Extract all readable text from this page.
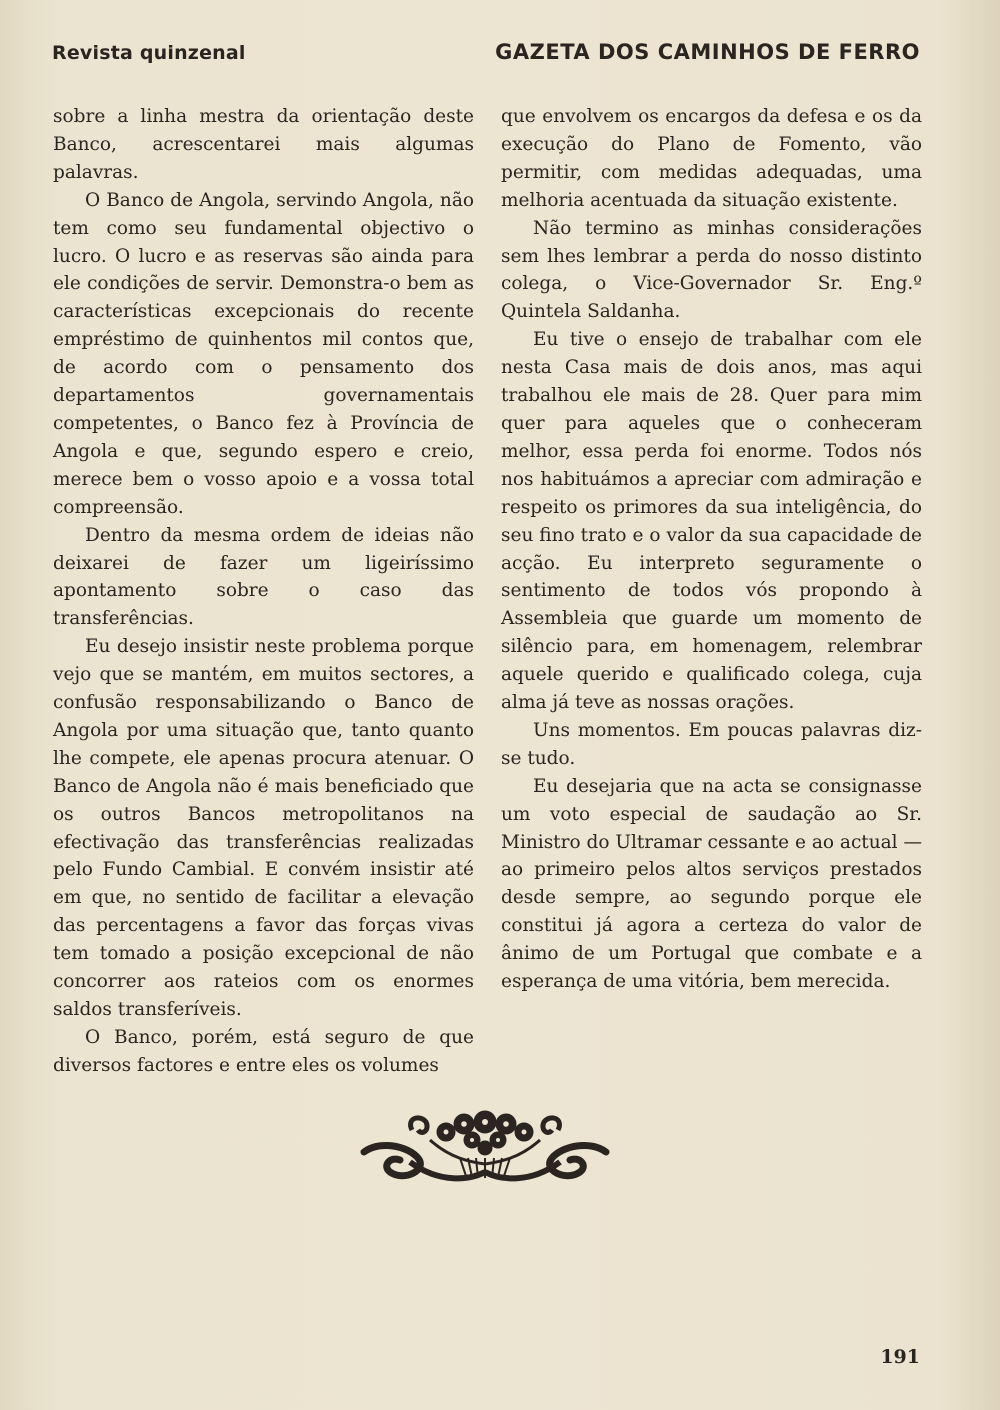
Revista quinzenal	GAZETA DOS CAMINHOS DE FERRO

sobre a linha mestra da orientação deste Banco, acrescentarei mais algumas palavras.

O Banco de Angola, servindo Angola, não tem como seu fundamental objectivo o lucro. O lucro e as reservas são ainda para ele condições de servir. Demonstra-o bem as características excepcionais do recente empréstimo de quinhentos mil contos que, de acordo com o pensamento dos departamentos governamentais competentes, o Banco fez à Província de Angola e que, segundo espero e creio, merece bem o vosso apoio e a vossa total compreensão.

Dentro da mesma ordem de ideias não deixarei de fazer um ligeiríssimo apontamento sobre o caso das transferências.

Eu desejo insistir neste problema porque vejo que se mantém, em muitos sectores, a confusão responsabilizando o Banco de Angola por uma situação que, tanto quanto lhe compete, ele apenas procura atenuar. O Banco de Angola não é mais beneficiado que os outros Bancos metropolitanos na efectivação das transferências realizadas pelo Fundo Cambial. E convém insistir até em que, no sentido de facilitar a elevação das percentagens a favor das forças vivas tem tomado a posição excepcional de não concorrer aos rateios com os enormes saldos transferíveis.

O Banco, porém, está seguro de que diversos factores e entre eles os volumes

que envolvem os encargos da defesa e os da execução do Plano de Fomento, vão permitir, com medidas adequadas, uma melhoria acentuada da situação existente.

Não termino as minhas considerações sem lhes lembrar a perda do nosso distinto colega, o Vice-Governador Sr. Eng.º Quintela Saldanha.

Eu tive o ensejo de trabalhar com ele nesta Casa mais de dois anos, mas aqui trabalhou ele mais de 28. Quer para mim quer para aqueles que o conheceram melhor, essa perda foi enorme. Todos nós nos habituámos a apreciar com admiração e respeito os primores da sua inteligência, do seu fino trato e o valor da sua capacidade de acção. Eu interpreto seguramente o sentimento de todos vós propondo à Assembleia que guarde um momento de silêncio para, em homenagem, relembrar aquele querido e qualificado colega, cuja alma já teve as nossas orações.

Uns momentos. Em poucas palavras diz-se tudo.

Eu desejaria que na acta se consignasse um voto especial de saudação ao Sr. Ministro do Ultramar cessante e ao actual — ao primeiro pelos altos serviços prestados desde sempre, ao segundo porque ele constitui já agora a certeza do valor de ânimo de um Portugal que combate e a esperança de uma vitória, bem merecida.

191
